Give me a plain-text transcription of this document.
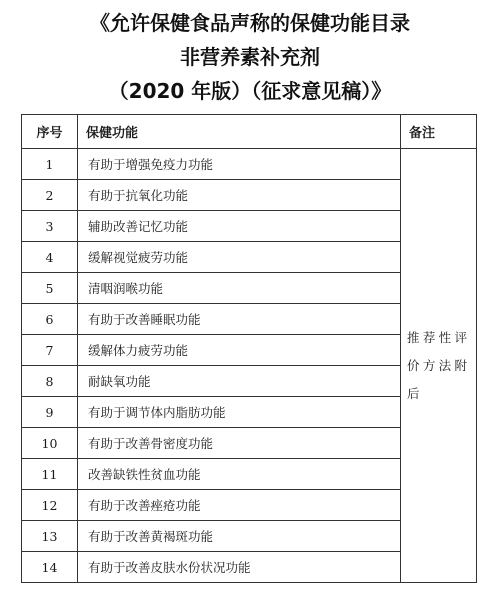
《允许保健食品声称的保健功能目录
非营养素补充剂
（2020 年版）（征求意见稿）》
序号	保健功能	备注
1	有助于增强免疫力功能	推荐性评价方法附后
2	有助于抗氧化功能	
3	辅助改善记忆功能	
4	缓解视觉疲劳功能	
5	清咽润喉功能	
6	有助于改善睡眠功能	
7	缓解体力疲劳功能	
8	耐缺氧功能	
9	有助于调节体内脂肪功能	
10	有助于改善骨密度功能	
11	改善缺铁性贫血功能	
12	有助于改善痤疮功能	
13	有助于改善黄褐斑功能	
14	有助于改善皮肤水份状况功能	
